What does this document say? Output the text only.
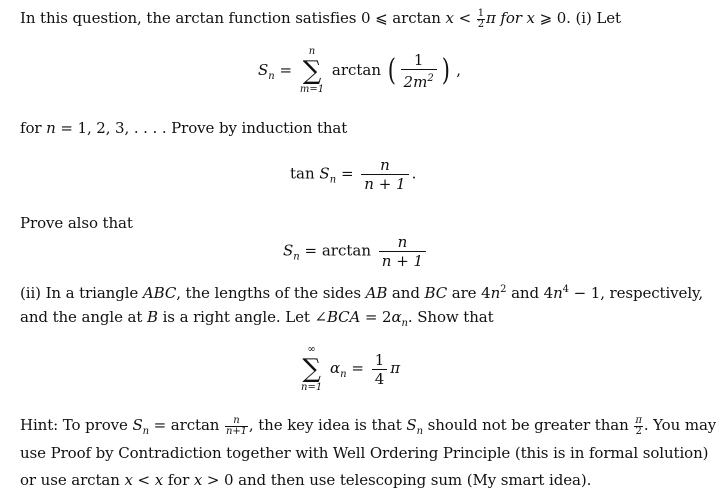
In this question, the arctan function satisfies 0 ⩽ $\arctan x < \frac{1}{2}$ π for x ⩾ 0. (i) Let
$S_n$ =
n
∑
m=1
arctan ( $\frac{1}{2m^2}$ ) ,
for n = 1, 2, 3, . . . . Prove by induction that
$\tan S_n = \frac{n}{n + 1}$ .
Prove also that
$S_n = \arctan \frac{n}{n + 1}$
(ii) In a triangle ABC, the lengths of the sides AB and BC are $4n^2$ and $4n^4 - 1$, respectively,
and the angle at B is a right angle. Let ∠BCA = $2\alpha_n$. Show that
∞
∑
n=1
$\alpha_n = \frac{1}{4}$ π
Hint: To prove $S_n = \arctan \frac{n}{n+1}$ , the key idea is that $S_n$ should not be greater than $\frac{\pi}{2}$ . You may
use Proof by Contradiction together with Well Ordering Principle (this is in formal solution)
or use arctan x < x for x > 0 and then use telescoping sum (My smart idea).
